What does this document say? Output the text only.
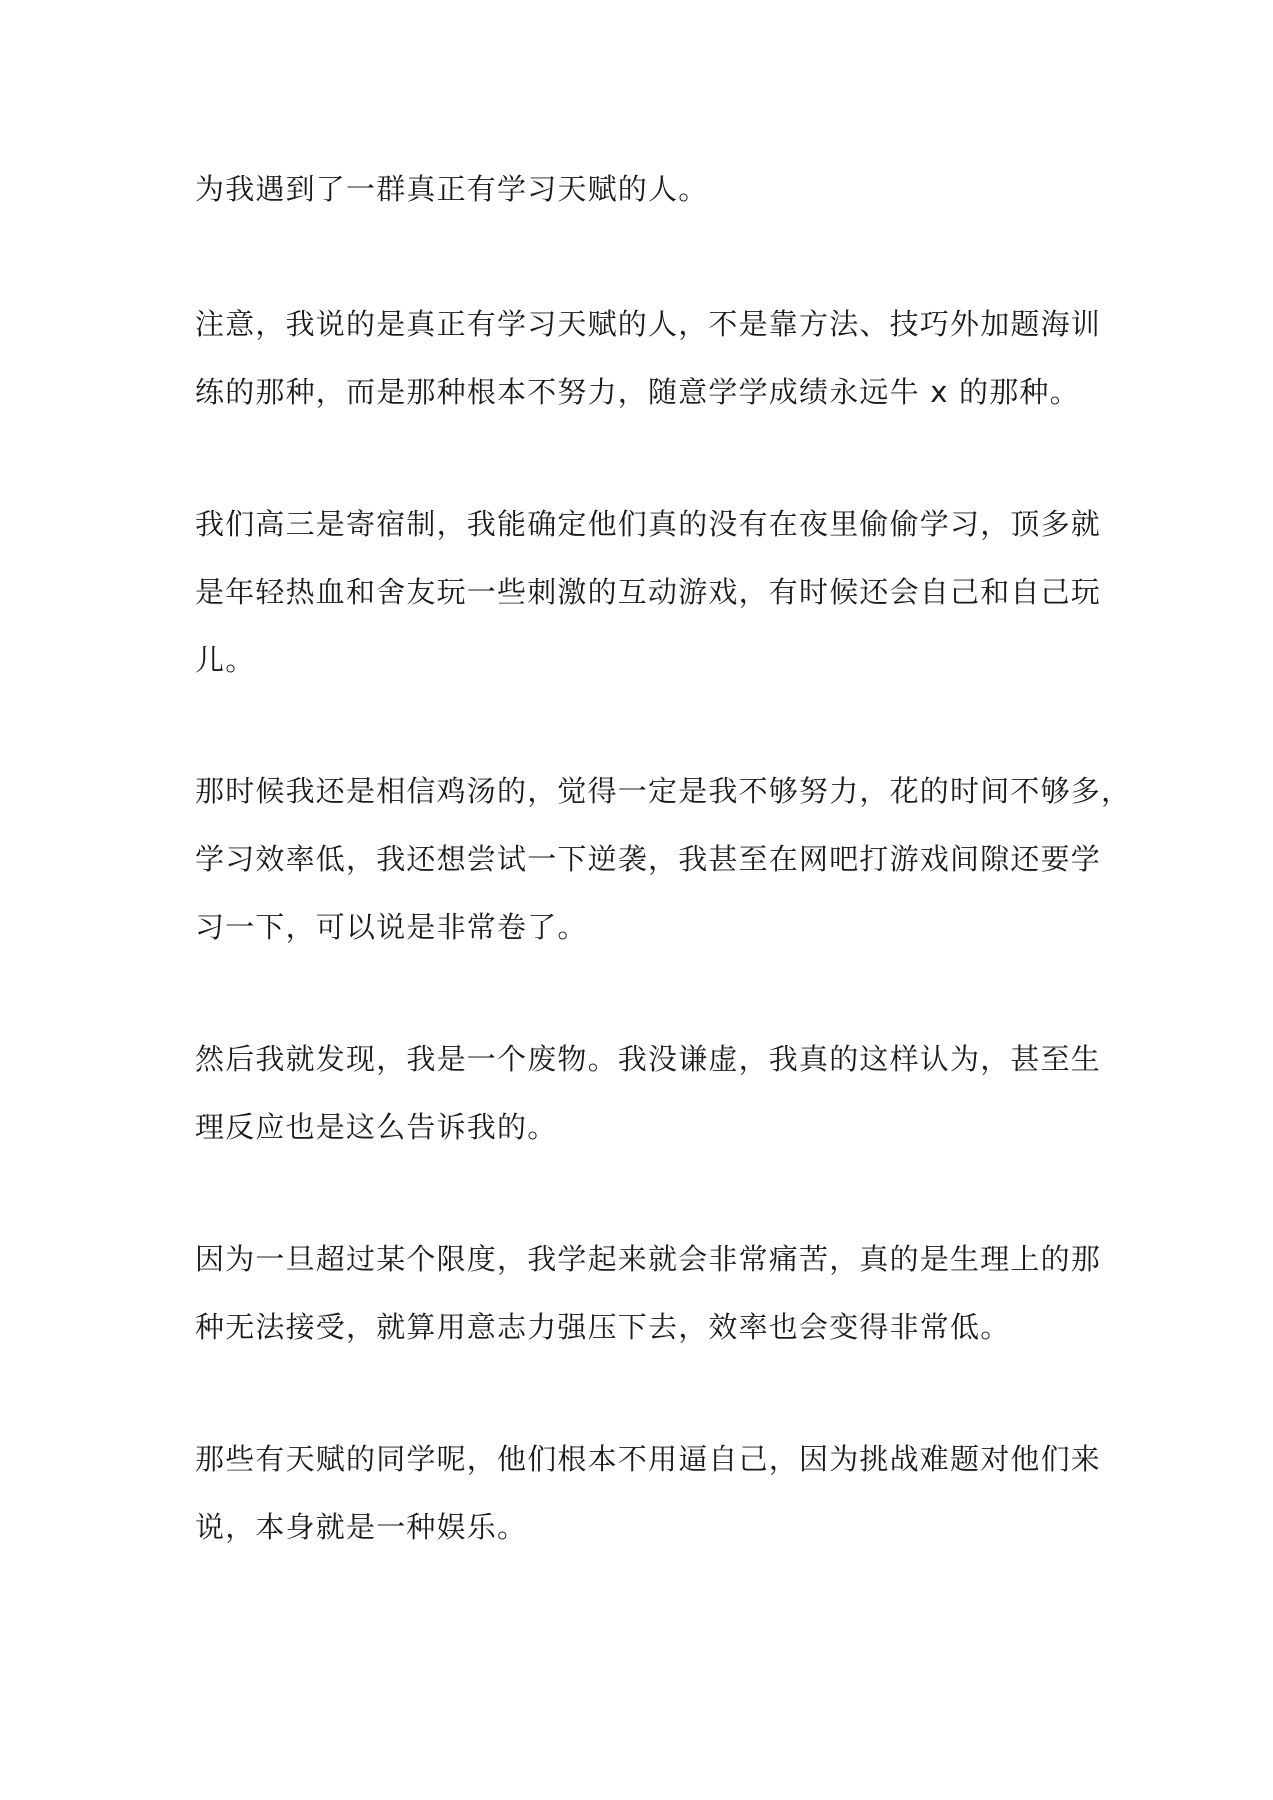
为我遇到了一群真正有学习天赋的人。

注意，我说的是真正有学习天赋的人，不是靠方法、技巧外加题海训
练的那种，而是那种根本不努力，随意学学成绩永远牛 x 的那种。

我们高三是寄宿制，我能确定他们真的没有在夜里偷偷学习，顶多就
是年轻热血和舍友玩一些刺激的互动游戏，有时候还会自己和自己玩
儿。

那时候我还是相信鸡汤的，觉得一定是我不够努力，花的时间不够多，
学习效率低，我还想尝试一下逆袭，我甚至在网吧打游戏间隙还要学
习一下，可以说是非常卷了。

然后我就发现，我是一个废物。我没谦虚，我真的这样认为，甚至生
理反应也是这么告诉我的。

因为一旦超过某个限度，我学起来就会非常痛苦，真的是生理上的那
种无法接受，就算用意志力强压下去，效率也会变得非常低。

那些有天赋的同学呢，他们根本不用逼自己，因为挑战难题对他们来
说，本身就是一种娱乐。
